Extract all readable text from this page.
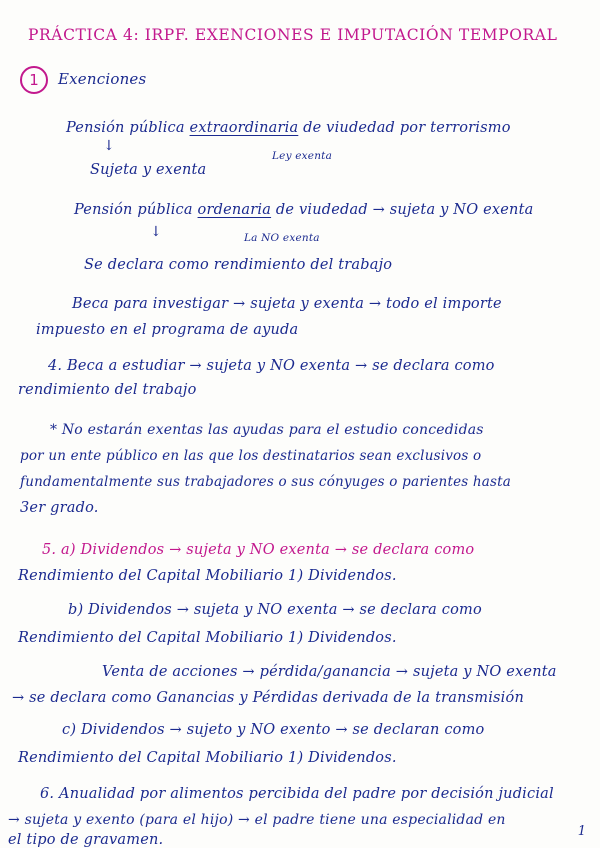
PRÁCTICA 4: IRPF. EXENCIONES E IMPUTACIÓN TEMPORAL
1	Exenciones
Pensión pública extraordinaria de viudedad por terrorismo
↓
Ley exenta
Sujeta y exenta
Pensión pública ordenaria de viudedad → sujeta y NO exenta
↓	La NO exenta
Se declara como rendimiento del trabajo
Beca para investigar → sujeta y exenta → todo el importe
impuesto en el programa de ayuda
4. Beca a estudiar → sujeta y NO exenta → se declara como
rendimiento del trabajo
* No estarán exentas las ayudas para el estudio concedidas
por un ente público en las que los destinatarios sean exclusivos o
fundamentalmente sus trabajadores o sus cónyuges o parientes hasta
3er grado.
5. a) Dividendos → sujeta y NO exenta → se declara como
Rendimiento del Capital Mobiliario 1) Dividendos.
b) Dividendos → sujeta y NO exenta → se declara como
Rendimiento del Capital Mobiliario 1) Dividendos.
Venta de acciones → pérdida/ganancia → sujeta y NO exenta
→ se declara como Ganancias y Pérdidas derivada de la transmisión
c) Dividendos → sujeto y NO exento → se declaran como
Rendimiento del Capital Mobiliario 1) Dividendos.
6. Anualidad por alimentos percibida del padre por decisión judicial
→ sujeta y exento (para el hijo) → el padre tiene una especialidad en
el tipo de gravamen.
1
